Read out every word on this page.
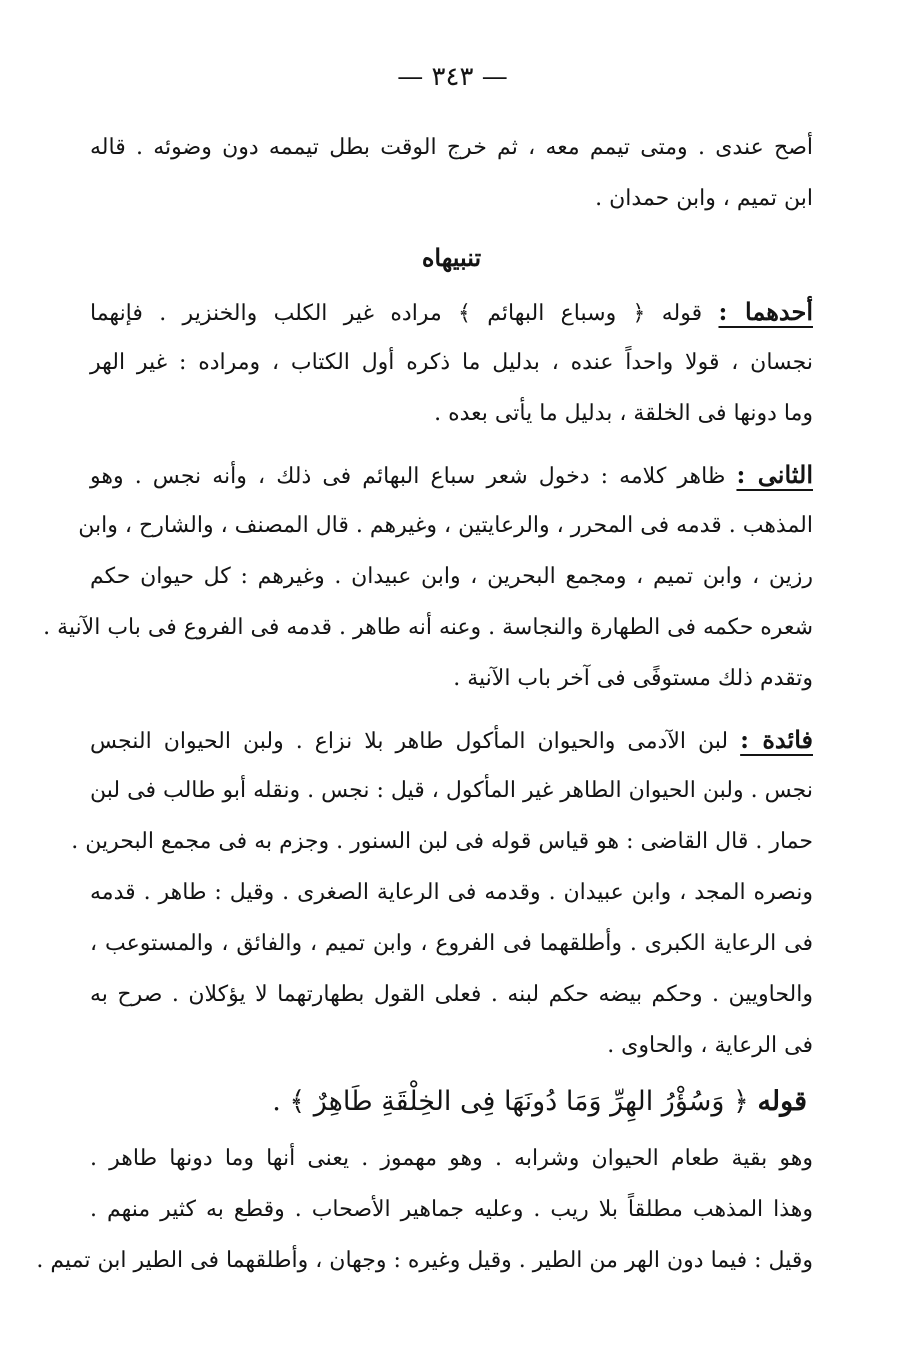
— ٣٤٣ —
أصح عندى . ومتى تيمم معه ، ثم خرج الوقت بطل تيممه دون وضوئه . قاله
ابن تميم ، وابن حمدان .
تنبيهاه
أحدهما : قوله ﴿ وسباع البهائم ﴾ مراده غير الكلب والخنزير . فإنهما
نجسان ، قولا واحداً عنده ، بدليل ما ذكره أول الكتاب ، ومراده : غير الهر
وما دونها فى الخلقة ، بدليل ما يأتى بعده .
الثانى : ظاهر كلامه : دخول شعر سباع البهائم فى ذلك ، وأنه نجس . وهو
المذهب . قدمه فى المحرر ، والرعايتين ، وغيرهم . قال المصنف ، والشارح ، وابن
رزين ، وابن تميم ، ومجمع البحرين ، وابن عبيدان . وغيرهم : كل حيوان حكم
شعره حكمه فى الطهارة والنجاسة . وعنه أنه طاهر . قدمه فى الفروع فى باب الآنية .
وتقدم ذلك مستوفًى فى آخر باب الآنية .
فائدة : لبن الآدمى والحيوان المأكول طاهر بلا نزاع . ولبن الحيوان النجس
نجس . ولبن الحيوان الطاهر غير المأكول ، قيل : نجس . ونقله أبو طالب فى لبن
حمار . قال القاضى : هو قياس قوله فى لبن السنور . وجزم به فى مجمع البحرين .
ونصره المجد ، وابن عبيدان . وقدمه فى الرعاية الصغرى . وقيل : طاهر . قدمه
فى الرعاية الكبرى . وأطلقهما فى الفروع ، وابن تميم ، والفائق ، والمستوعب ،
والحاويين . وحكم بيضه حكم لبنه . فعلى القول بطهارتهما لا يؤكلان . صرح به
فى الرعاية ، والحاوى .
قوله ﴿ وَسُؤْرُ الهِرِّ وَمَا دُونَهَا فِى الخِلْقَةِ طَاهِرٌ ﴾ .
وهو بقية طعام الحيوان وشرابه . وهو مهموز . يعنى أنها وما دونها طاهر .
وهذا المذهب مطلقاً بلا ريب . وعليه جماهير الأصحاب . وقطع به كثير منهم .
وقيل : فيما دون الهر من الطير . وقيل وغيره : وجهان ، وأطلقهما فى الطير ابن تميم .
